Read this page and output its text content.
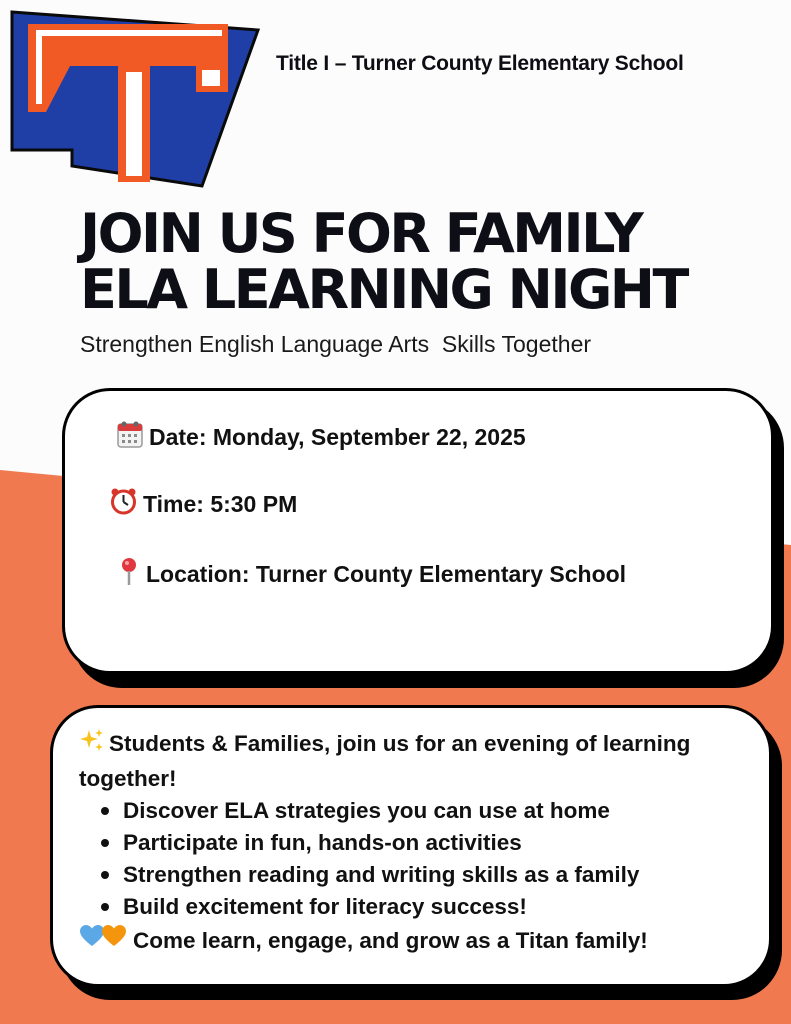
Title I – Turner County Elementary School
JOIN US FOR FAMILY
ELA LEARNING NIGHT
Strengthen English Language Arts  Skills Together
Date: Monday, September 22, 2025
Time: 5:30 PM
Location: Turner County Elementary School

Students & Families, join us for an evening of learning together!

Discover ELA strategies you can use at home
Participate in fun, hands-on activities
Strengthen reading and writing skills as a family
Build excitement for literacy success!
Come learn, engage, and grow as a Titan family!
